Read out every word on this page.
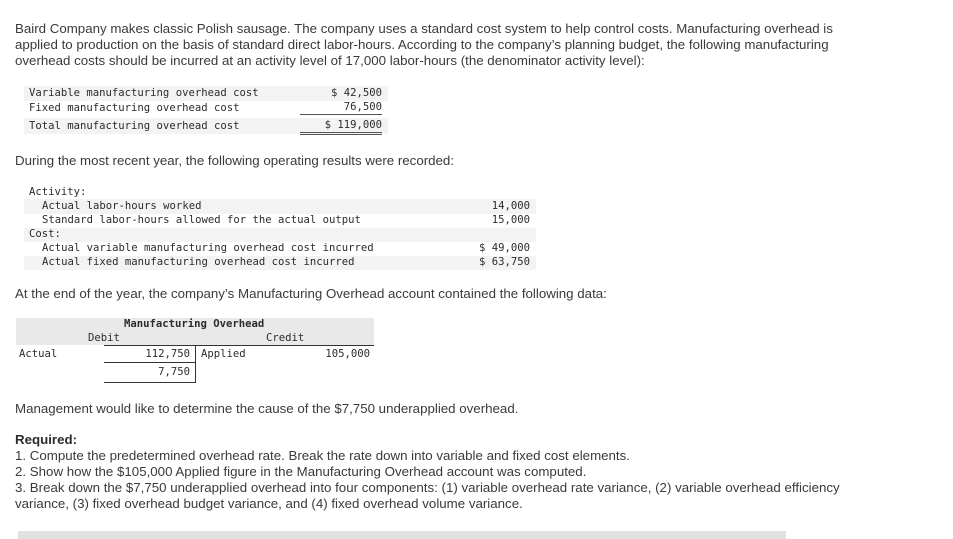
Baird Company makes classic Polish sausage. The company uses a standard cost system to help control costs. Manufacturing overhead is applied to production on the basis of standard direct labor-hours. According to the company’s planning budget, the following manufacturing overhead costs should be incurred at an activity level of 17,000 labor-hours (the denominator activity level):
Variable manufacturing overhead cost	$ 42,500
Fixed manufacturing overhead cost	76,500
Total manufacturing overhead cost	$ 119,000
During the most recent year, the following operating results were recorded:
Activity:
Actual labor-hours worked	14,000
Standard labor-hours allowed for the actual output	15,000
Cost:
Actual variable manufacturing overhead cost incurred	$ 49,000
Actual fixed manufacturing overhead cost incurred	$ 63,750
At the end of the year, the company’s Manufacturing Overhead account contained the following data:
Manufacturing Overhead
Debit	Credit
Actual	112,750 Applied	105,000
7,750
Management would like to determine the cause of the $7,750 underapplied overhead.
Required:
1. Compute the predetermined overhead rate. Break the rate down into variable and fixed cost elements.
2. Show how the $105,000 Applied figure in the Manufacturing Overhead account was computed.
3. Break down the $7,750 underapplied overhead into four components: (1) variable overhead rate variance, (2) variable overhead efficiency variance, (3) fixed overhead budget variance, and (4) fixed overhead volume variance.
